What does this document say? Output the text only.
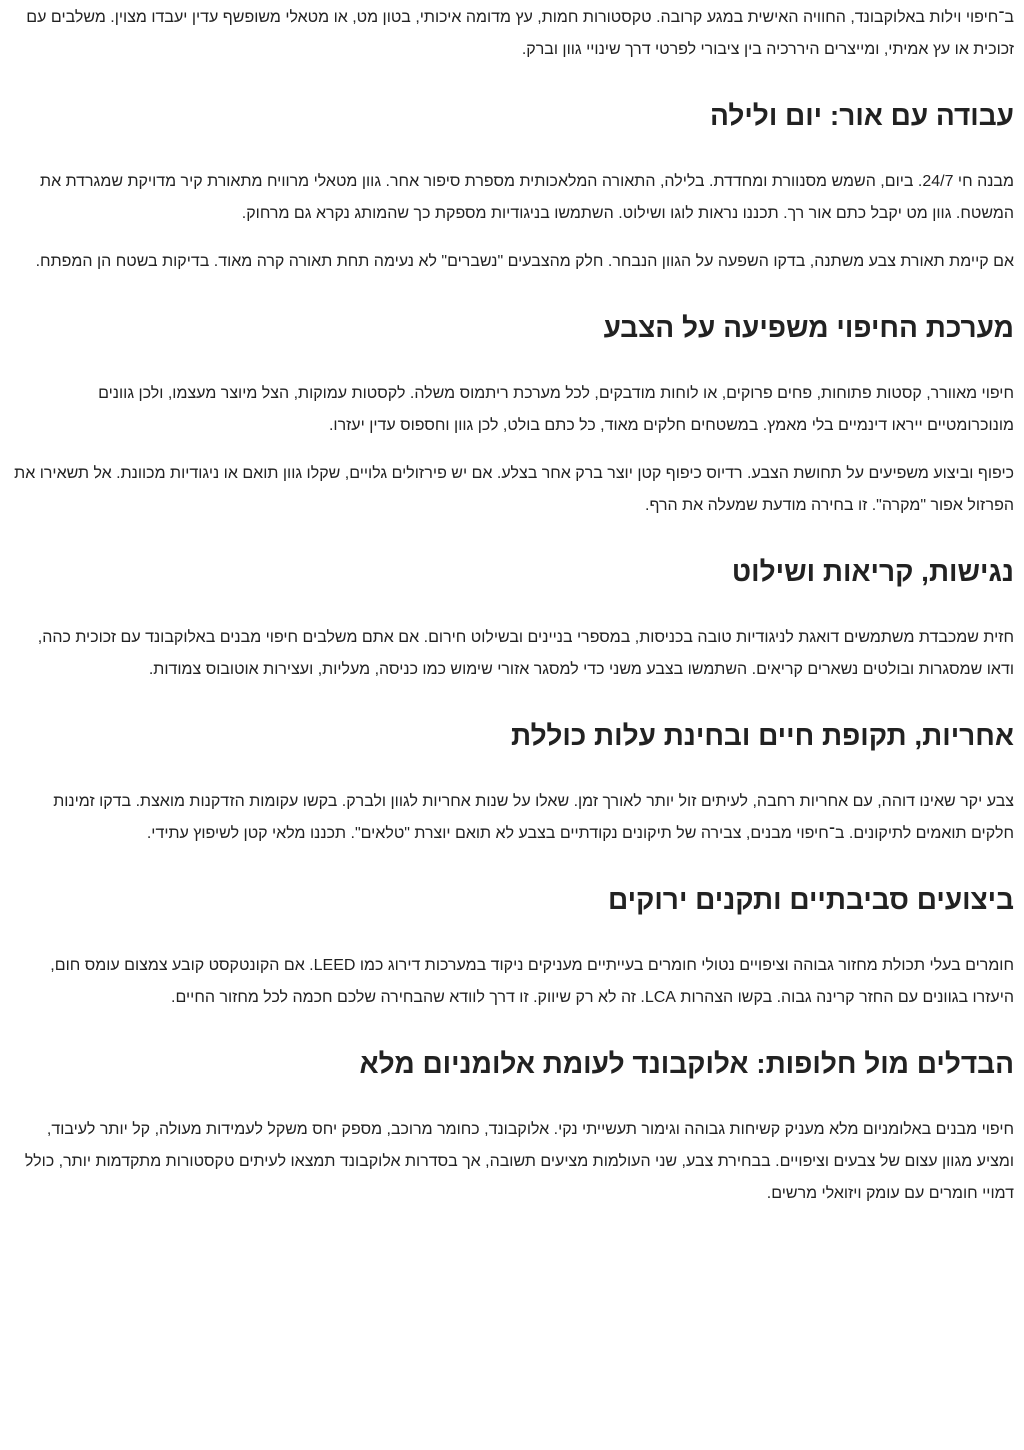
ב־חיפוי וילות באלוקבונד, החוויה האישית במגע קרובה. טקסטורות חמות, עץ מדומה איכותי, בטון מט, או מטאלי משופשף עדין יעבדו מצוין. משלבים עם זכוכית או עץ אמיתי, ומייצרים היררכיה בין ציבורי לפרטי דרך שינויי גוון וברק.

עבודה עם אור: יום ולילה

מבנה חי 24/7. ביום, השמש מסנוורת ומחדדת. בלילה, התאורה המלאכותית מספרת סיפור אחר. גוון מטאלי מרוויח מתאורת קיר מדויקת שמגרדת את המשטח. גוון מט יקבל כתם אור רך. תכננו נראות לוגו ושילוט. השתמשו בניגודיות מספקת כך שהמותג נקרא גם מרחוק.

אם קיימת תאורת צבע משתנה, בדקו השפעה על הגוון הנבחר. חלק מהצבעים "נשברים" לא נעימה תחת תאורה קרה מאוד. בדיקות בשטח הן המפתח.

מערכת החיפוי משפיעה על הצבע

חיפוי מאוורר, קסטות פתוחות, פחים פרוקים, או לוחות מודבקים, לכל מערכת ריתמוס משלה. לקסטות עמוקות, הצל מיוצר מעצמו, ולכן גוונים מונוכרומטיים ייראו דינמיים בלי מאמץ. במשטחים חלקים מאוד, כל כתם בולט, לכן גוון וחספוס עדין יעזרו.

כיפוף וביצוע משפיעים על תחושת הצבע. רדיוס כיפוף קטן יוצר ברק אחר בצלע. אם יש פירזולים גלויים, שקלו גוון תואם או ניגודיות מכוונת. אל תשאירו את הפרזול אפור "מקרה". זו בחירה מודעת שמעלה את הרף.

נגישות, קריאות ושילוט

חזית שמכבדת משתמשים דואגת לניגודיות טובה בכניסות, במספרי בניינים ובשילוט חירום. אם אתם משלבים חיפוי מבנים באלוקבונד עם זכוכית כהה, ודאו שמסגרות ובולטים נשארים קריאים. השתמשו בצבע משני כדי למסגר אזורי שימוש כמו כניסה, מעליות, ועצירות אוטובוס צמודות.

אחריות, תקופת חיים ובחינת עלות כוללת

צבע יקר שאינו דוהה, עם אחריות רחבה, לעיתים זול יותר לאורך זמן. שאלו על שנות אחריות לגוון ולברק. בקשו עקומות הזדקנות מואצת. בדקו זמינות חלקים תואמים לתיקונים. ב־חיפוי מבנים, צבירה של תיקונים נקודתיים בצבע לא תואם יוצרת "טלאים". תכננו מלאי קטן לשיפוץ עתידי.

ביצועים סביבתיים ותקנים ירוקים

חומרים בעלי תכולת מחזור גבוהה וציפויים נטולי חומרים בעייתיים מעניקים ניקוד במערכות דירוג כמו LEED. אם הקונטקסט קובע צמצום עומס חום, היעזרו בגוונים עם החזר קרינה גבוה. בקשו הצהרות LCA. זה לא רק שיווק. זו דרך לוודא שהבחירה שלכם חכמה לכל מחזור החיים.

הבדלים מול חלופות: אלוקבונד לעומת אלומניום מלא

חיפוי מבנים באלומניום מלא מעניק קשיחות גבוהה וגימור תעשייתי נקי. אלוקבונד, כחומר מרוכב, מספק יחס משקל לעמידות מעולה, קל יותר לעיבוד, ומציע מגוון עצום של צבעים וציפויים. בבחירת צבע, שני העולמות מציעים תשובה, אך בסדרות אלוקבונד תמצאו לעיתים טקסטורות מתקדמות יותר, כולל דמויי חומרים עם עומק ויזואלי מרשים.
